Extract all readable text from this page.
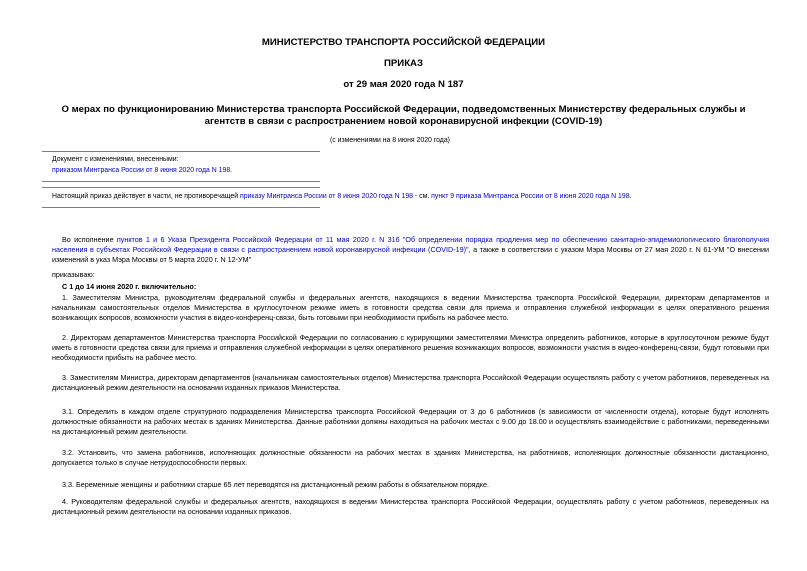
МИНИСТЕРСТВО ТРАНСПОРТА РОССИЙСКОЙ ФЕДЕРАЦИИ
ПРИКАЗ
от 29 мая 2020 года N 187
О мерах по функционированию Министерства транспорта Российской Федерации, подведомственных Министерству федеральных службы и агентств в связи с распространением новой коронавирусной инфекции (COVID-19)
(с изменениями на 8 июня 2020 года)
Документ с изменениями, внесенными:
приказом Минтранса России от 8 июня 2020 года N 198.
Настоящий приказ действует в части, не противоречащей приказу Минтранса России от 8 июня 2020 года N 198 - см. пункт 9 приказа Минтранса России от 8 июня 2020 года N 198.
Во исполнение пунктов 1 и 6 Указа Президента Российской Федерации от 11 мая 2020 г. N 316 "Об определении порядка продления мер по обеспечению санитарно-эпидемиологического благополучия населения в субъектах Российской Федерации в связи с распространением новой коронавирусной инфекции (COVID-19)", а также в соответствии с указом Мэра Москвы от 27 мая 2020 г. N 61-УМ "О внесении изменений в указ Мэра Москвы от 5 марта 2020 г. N 12-УМ"
приказываю:
С 1 до 14 июня 2020 г. включительно:
1. Заместителям Министра, руководителям федеральной службы и федеральных агентств, находящихся в ведении Министерства транспорта Российской Федерации, директорам департаментов и начальникам самостоятельных отделов Министерства в круглосуточном режиме иметь в готовности средства связи для приема и отправления служебной информации в целях оперативного решения возникающих вопросов, возможности участия в видео-конференц-связи, быть готовыми при необходимости прибыть на рабочее место.
2. Директорам департаментов Министерства транспорта Российской Федерации по согласованию с курирующими заместителями Министра определить работников, которые в круглосуточном режиме будут иметь в готовности средства связи для приема и отправления служебной информации в целях оперативного решения возникающих вопросов, возможности участия в видео-конференц-связи, будут готовыми при необходимости прибыть на рабочее место.
3. Заместителям Министра, директорам департаментов (начальникам самостоятельных отделов) Министерства транспорта Российской Федерации осуществлять работу с учетом работников, переведенных на дистанционный режим деятельности на основании изданных приказов Министерства.
3.1. Определить в каждом отделе структурного подразделения Министерства транспорта Российской Федерации от 3 до 6 работников (в зависимости от численности отдела), которые будут исполнять должностные обязанности на рабочих местах в зданиях Министерства. Данные работники должны находиться на рабочих местах с 9.00 до 18.00 и осуществлять взаимодействие с работниками, переведенными на дистанционный режим деятельности.
3.2. Установить, что замена работников, исполняющих должностные обязанности на рабочих местах в зданиях Министерства, на работников, исполняющих должностные обязанности дистанционно, допускается только в случае нетрудоспособности первых.
3.3. Беременные женщины и работники старше 65 лет переводятся на дистанционный режим работы в обязательном порядке.
4. Руководителям федеральной службы и федеральных агентств, находящихся в ведении Министерства транспорта Российской Федерации, осуществлять работу с учетом работников, переведенных на дистанционный режим деятельности на основании изданных приказов.
